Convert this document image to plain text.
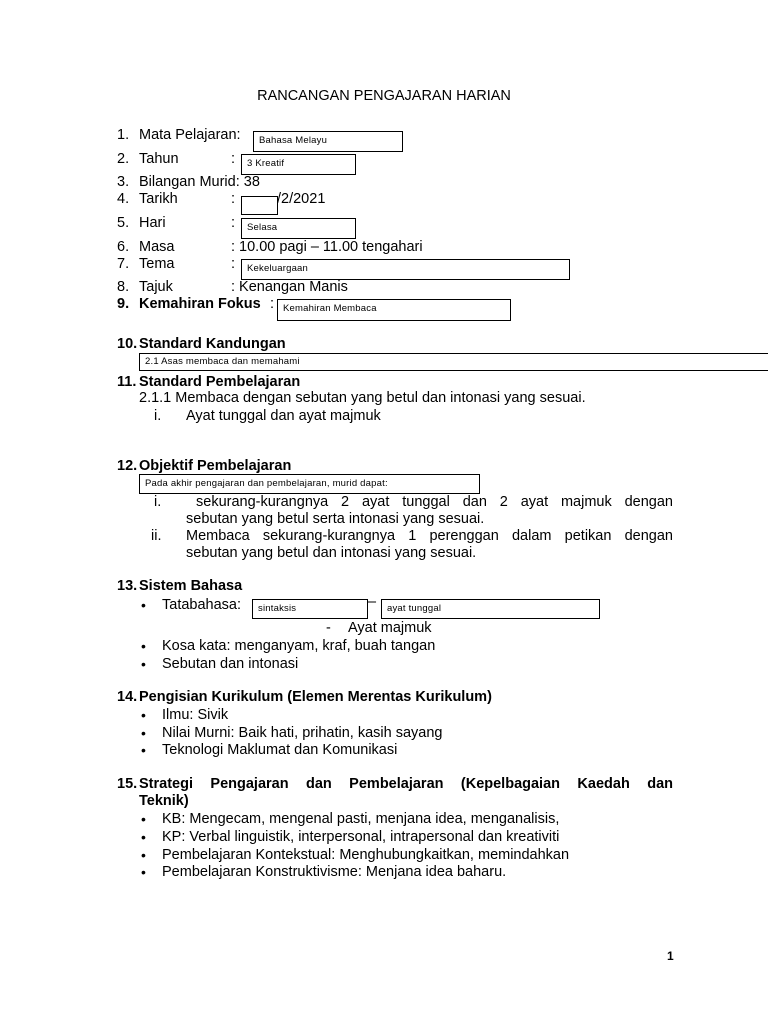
RANCANGAN PENGAJARAN HARIAN
1. Mata Pelajaran:	Bahasa Melayu
2. Tahun	:	3 Kreatif
3. Bilangan Murid: 38
4. Tarikh	:	/2/2021
5. Hari	:	Selasa
6. Masa	: 10.00 pagi – 11.00 tengahari
7. Tema	:	Kekeluargaan
8. Tajuk	: Kenangan Manis
9. Kemahiran Fokus : Kemahiran Membaca
10. Standard Kandungan
2.1 Asas membaca dan memahami
11. Standard Pembelajaran
2.1.1 Membaca dengan sebutan yang betul dan intonasi yang sesuai.
i. Ayat tunggal dan ayat majmuk
12. Objektif Pembelajaran
Pada akhir pengajaran dan pembelajaran, murid dapat:
i. sekurang-kurangnya 2 ayat tunggal dan 2 ayat majmuk dengan
sebutan yang betul serta intonasi yang sesuai.
ii. Membaca sekurang-kurangnya 1 perenggan dalam petikan dengan
sebutan yang betul dan intonasi yang sesuai.
13. Sistem Bahasa
• Tatabahasa:	sintaksis	–	ayat tunggal
- Ayat majmuk
• Kosa kata: menganyam, kraf, buah tangan
• Sebutan dan intonasi
14. Pengisian Kurikulum (Elemen Merentas Kurikulum)
• Ilmu: Sivik
• Nilai Murni: Baik hati, prihatin, kasih sayang
• Teknologi Maklumat dan Komunikasi
15. Strategi Pengajaran dan Pembelajaran (Kepelbagaian Kaedah dan
Teknik)
• KB: Mengecam, mengenal pasti, menjana idea, menganalisis,
• KP: Verbal linguistik, interpersonal, intrapersonal dan kreativiti
• Pembelajaran Kontekstual: Menghubungkaitkan, memindahkan
• Pembelajaran Konstruktivisme: Menjana idea baharu.
1
